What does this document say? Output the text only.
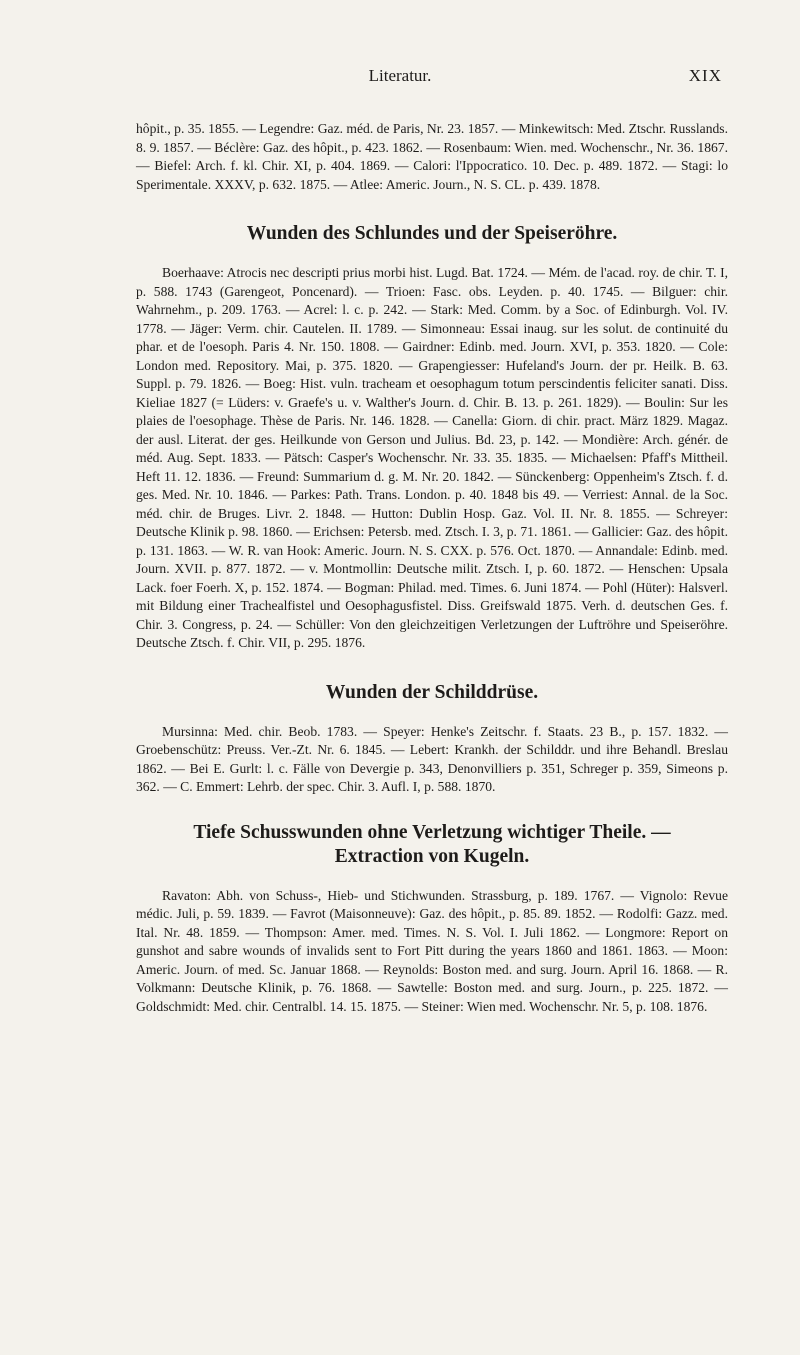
Literatur.	XIX

hôpit., p. 35. 1855. — Legendre: Gaz. méd. de Paris, Nr. 23. 1857. — Minkewitsch: Med. Ztschr. Russlands. 8. 9. 1857. — Béclère: Gaz. des hôpit., p. 423. 1862. — Rosenbaum: Wien. med. Wochenschr., Nr. 36. 1867. — Biefel: Arch. f. kl. Chir. XI, p. 404. 1869. — Calori: l'Ippocratico. 10. Dec. p. 489. 1872. — Stagi: lo Sperimentale. XXXV, p. 632. 1875. — Atlee: Americ. Journ., N. S. CL. p. 439. 1878.

Wunden des Schlundes und der Speiseröhre.

Boerhaave: Atrocis nec descripti prius morbi hist. Lugd. Bat. 1724. — Mém. de l'acad. roy. de chir. T. I, p. 588. 1743 (Garengeot, Poncenard). — Trioen: Fasc. obs. Leyden. p. 40. 1745. — Bilguer: chir. Wahrnehm., p. 209. 1763. — Acrel: l. c. p. 242. — Stark: Med. Comm. by a Soc. of Edinburgh. Vol. IV. 1778. — Jäger: Verm. chir. Cautelen. II. 1789. — Simonneau: Essai inaug. sur les solut. de continuité du phar. et de l'oesoph. Paris 4. Nr. 150. 1808. — Gairdner: Edinb. med. Journ. XVI, p. 353. 1820. — Cole: London med. Repository. Mai, p. 375. 1820. — Grapengiesser: Hufeland's Journ. der pr. Heilk. B. 63. Suppl. p. 79. 1826. — Boeg: Hist. vuln. tracheam et oesophagum totum perscindentis feliciter sanati. Diss. Kieliae 1827 (= Lüders: v. Graefe's u. v. Walther's Journ. d. Chir. B. 13. p. 261. 1829). — Boulin: Sur les plaies de l'oesophage. Thèse de Paris. Nr. 146. 1828. — Canella: Giorn. di chir. pract. März 1829. Magaz. der ausl. Literat. der ges. Heilkunde von Gerson und Julius. Bd. 23, p. 142. — Mondière: Arch. génér. de méd. Aug. Sept. 1833. — Pätsch: Casper's Wochenschr. Nr. 33. 35. 1835. — Michaelsen: Pfaff's Mittheil. Heft 11. 12. 1836. — Freund: Summarium d. g. M. Nr. 20. 1842. — Sünckenberg: Oppenheim's Ztsch. f. d. ges. Med. Nr. 10. 1846. — Parkes: Path. Trans. London. p. 40. 1848 bis 49. — Verriest: Annal. de la Soc. méd. chir. de Bruges. Livr. 2. 1848. — Hutton: Dublin Hosp. Gaz. Vol. II. Nr. 8. 1855. — Schreyer: Deutsche Klinik p. 98. 1860. — Erichsen: Petersb. med. Ztsch. I. 3, p. 71. 1861. — Gallicier: Gaz. des hôpit. p. 131. 1863. — W. R. van Hook: Americ. Journ. N. S. CXX. p. 576. Oct. 1870. — Annandale: Edinb. med. Journ. XVII. p. 877. 1872. — v. Montmollin: Deutsche milit. Ztsch. I, p. 60. 1872. — Henschen: Upsala Lack. foer Foerh. X, p. 152. 1874. — Bogman: Philad. med. Times. 6. Juni 1874. — Pohl (Hüter): Halsverl. mit Bildung einer Trachealfistel und Oesophagusfistel. Diss. Greifswald 1875. Verh. d. deutschen Ges. f. Chir. 3. Congress, p. 24. — Schüller: Von den gleichzeitigen Verletzungen der Luftröhre und Speiseröhre. Deutsche Ztsch. f. Chir. VII, p. 295. 1876.

Wunden der Schilddrüse.

Mursinna: Med. chir. Beob. 1783. — Speyer: Henke's Zeitschr. f. Staats. 23 B., p. 157. 1832. — Groebenschütz: Preuss. Ver.-Zt. Nr. 6. 1845. — Lebert: Krankh. der Schilddr. und ihre Behandl. Breslau 1862. — Bei E. Gurlt: l. c. Fälle von Devergie p. 343, Denonvilliers p. 351, Schreger p. 359, Simeons p. 362. — C. Emmert: Lehrb. der spec. Chir. 3. Aufl. I, p. 588. 1870.

Tiefe Schusswunden ohne Verletzung wichtiger Theile. —
Extraction von Kugeln.

Ravaton: Abh. von Schuss-, Hieb- und Stichwunden. Strassburg, p. 189. 1767. — Vignolo: Revue médic. Juli, p. 59. 1839. — Favrot (Maisonneuve): Gaz. des hôpit., p. 85. 89. 1852. — Rodolfi: Gazz. med. Ital. Nr. 48. 1859. — Thompson: Amer. med. Times. N. S. Vol. I. Juli 1862. — Longmore: Report on gunshot and sabre wounds of invalids sent to Fort Pitt during the years 1860 and 1861. 1863. — Moon: Americ. Journ. of med. Sc. Januar 1868. — Reynolds: Boston med. and surg. Journ. April 16. 1868. — R. Volkmann: Deutsche Klinik, p. 76. 1868. — Sawtelle: Boston med. and surg. Journ., p. 225. 1872. — Goldschmidt: Med. chir. Centralbl. 14. 15. 1875. — Steiner: Wien med. Wochenschr. Nr. 5, p. 108. 1876.
